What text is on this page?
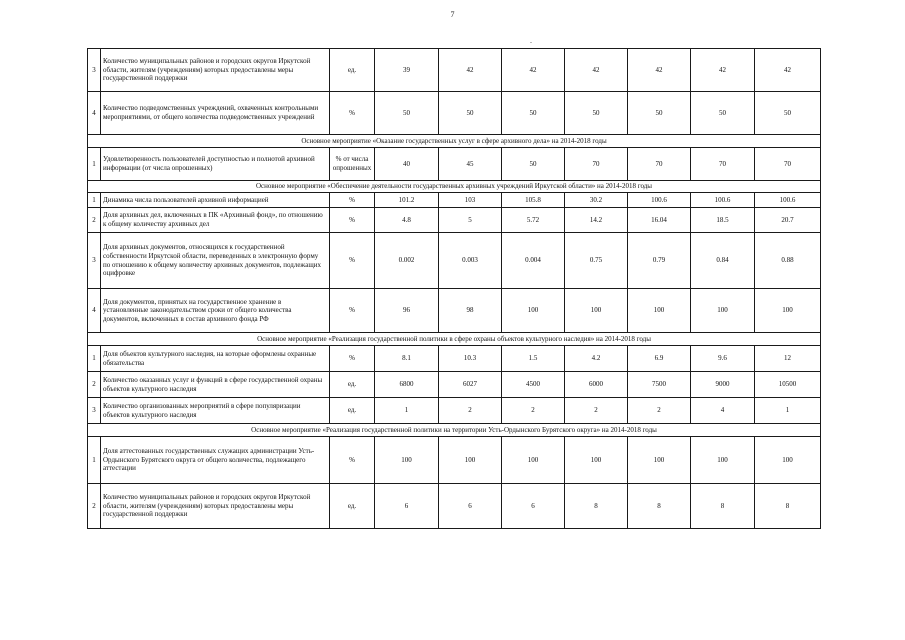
7
-
3	Количество муниципальных районов и городских округов Иркутской области, жителям (учреждениям) которых предоставлены меры государственной поддержки	ед.	39	42	42	42	42	42	42
4	Количество подведомственных учреждений, охваченных контрольными мероприятиями, от общего количества подведомственных учреждений	%	50	50	50	50	50	50	50
Основное мероприятие «Оказание государственных услуг в сфере архивного дела» на 2014-2018 годы									
1	Удовлетворенность пользователей доступностью и полнотой архивной информации (от числа опрошенных)	% от числа опрошенных	40	45	50	70	70	70	70
Основное мероприятие «Обеспечение деятельности государственных архивных учреждений Иркутской области» на 2014-2018 годы									
1	Динамика числа пользователей архивной информацией	%	101.2	103	105.8	30.2	100.6	100.6	100.6
2	Доля архивных дел, включенных в ПК «Архивный фонд», по отношению к общему количеству архивных дел	%	4.8	5	5.72	14.2	16.04	18.5	20.7
3	Доля архивных документов, относящихся к государственной собственности Иркутской области, переведенных в электронную форму по отношению к общему количеству архивных документов, подлежащих оцифровке	%	0.002	0.003	0.004	0.75	0.79	0.84	0.88
4	Доля документов, принятых на государственное хранение в установленные законодательством сроки от общего количества документов, включенных в состав архивного фонда РФ	%	96	98	100	100	100	100	100
Основное мероприятие «Реализация государственной политики в сфере охраны объектов культурного наследия» на 2014-2018 годы									
1	Доля объектов культурного наследия, на которые оформлены охранные обязательства	%	8.1	10.3	1.5	4.2	6.9	9.6	12
2	Количество оказанных услуг и функций в сфере государственной охраны объектов культурного наследия	ед.	6800	6027	4500	6000	7500	9000	10500
3	Количество организованных мероприятий в сфере популяризации объектов культурного наследия	ед.	1	2	2	2	2	4	1
Основное мероприятие «Реализация государственной политики на территории Усть-Ордынского Бурятского округа» на 2014-2018 годы									
1	Доля аттестованных государственных служащих администрации Усть-Ордынского Бурятского округа от общего количества, подлежащего аттестации	%	100	100	100	100	100	100	100
2	Количество муниципальных районов и городских округов Иркутской области, жителям (учреждениям) которых предоставлены меры государственной поддержки	ед.	6	6	6	8	8	8	8
